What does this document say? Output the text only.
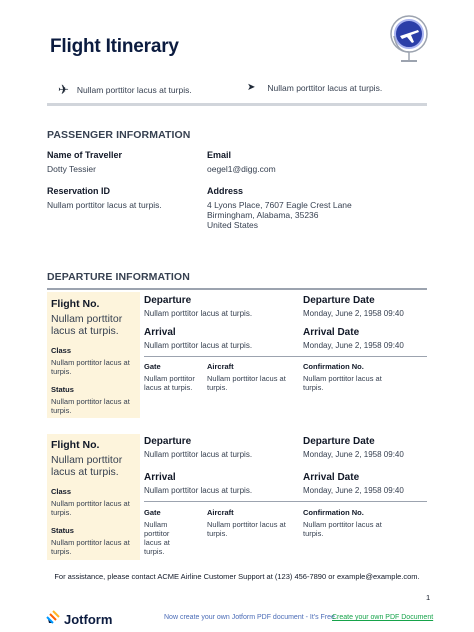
Flight Itinerary
✈ Nullam porttitor lacus at turpis.	➤ Nullam porttitor lacus at turpis.
PASSENGER INFORMATION
Name of Traveller
Dotty Tessier
Email
oegel1@digg.com
Reservation ID
Nullam porttitor lacus at turpis.
Address
4 Lyons Place, 7607 Eagle Crest Lane
Birmingham, Alabama, 35236
United States
DEPARTURE INFORMATION
Flight No.
Nullam porttitor lacus at turpis.
Class
Nullam porttitor lacus at turpis.
Status
Nullam porttitor lacus at turpis.
Departure
Nullam porttitor lacus at turpis.
Departure Date
Monday, June 2, 1958 09:40
Arrival
Nullam porttitor lacus at turpis.
Arrival Date
Monday, June 2, 1958 09:40
Gate
Nullam porttitor lacus at turpis.
Aircraft
Nullam porttitor lacus at turpis.
Confirmation No.
Nullam porttitor lacus at turpis.
Flight No.
Nullam porttitor lacus at turpis.
Class
Nullam porttitor lacus at turpis.
Status
Nullam porttitor lacus at turpis.
Departure
Nullam porttitor lacus at turpis.
Departure Date
Monday, June 2, 1958 09:40
Arrival
Nullam porttitor lacus at turpis.
Arrival Date
Monday, June 2, 1958 09:40
Gate
Nullam porttitor lacus at turpis.
Aircraft
Nullam porttitor lacus at turpis.
Confirmation No.
Nullam porttitor lacus at turpis.
For assistance, please contact ACME Airline Customer Support at (123) 456-7890 or example@example.com.
1
Jotform	Now create your own Jotform PDF document - It's Free
Create your own PDF Document
